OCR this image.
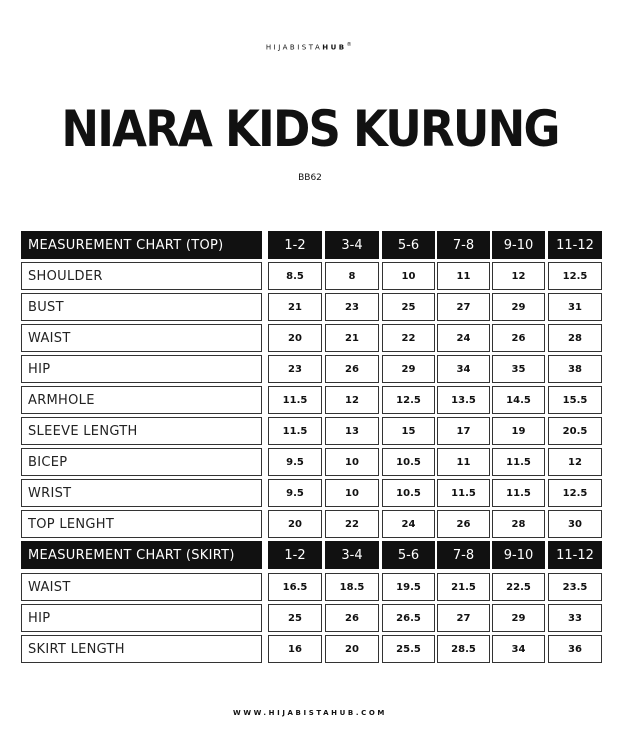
HIJABISTAHUB®
NIARA KIDS KURUNG
BB62
MEASUREMENT CHART (TOP)	1-2	3-4	5-6	7-8	9-10	11-12
SHOULDER	8.5	8	10	11	12	12.5
BUST	21	23	25	27	29	31
WAIST	20	21	22	24	26	28
HIP	23	26	29	34	35	38
ARMHOLE	11.5	12	12.5	13.5	14.5	15.5
SLEEVE LENGTH	11.5	13	15	17	19	20.5
BICEP	9.5	10	10.5	11	11.5	12
WRIST	9.5	10	10.5	11.5	11.5	12.5
TOP LENGHT	20	22	24	26	28	30
MEASUREMENT CHART (SKIRT)	1-2	3-4	5-6	7-8	9-10	11-12
WAIST	16.5	18.5	19.5	21.5	22.5	23.5
HIP	25	26	26.5	27	29	33
SKIRT LENGTH	16	20	25.5	28.5	34	36
WWW.HIJABISTAHUB.COM
